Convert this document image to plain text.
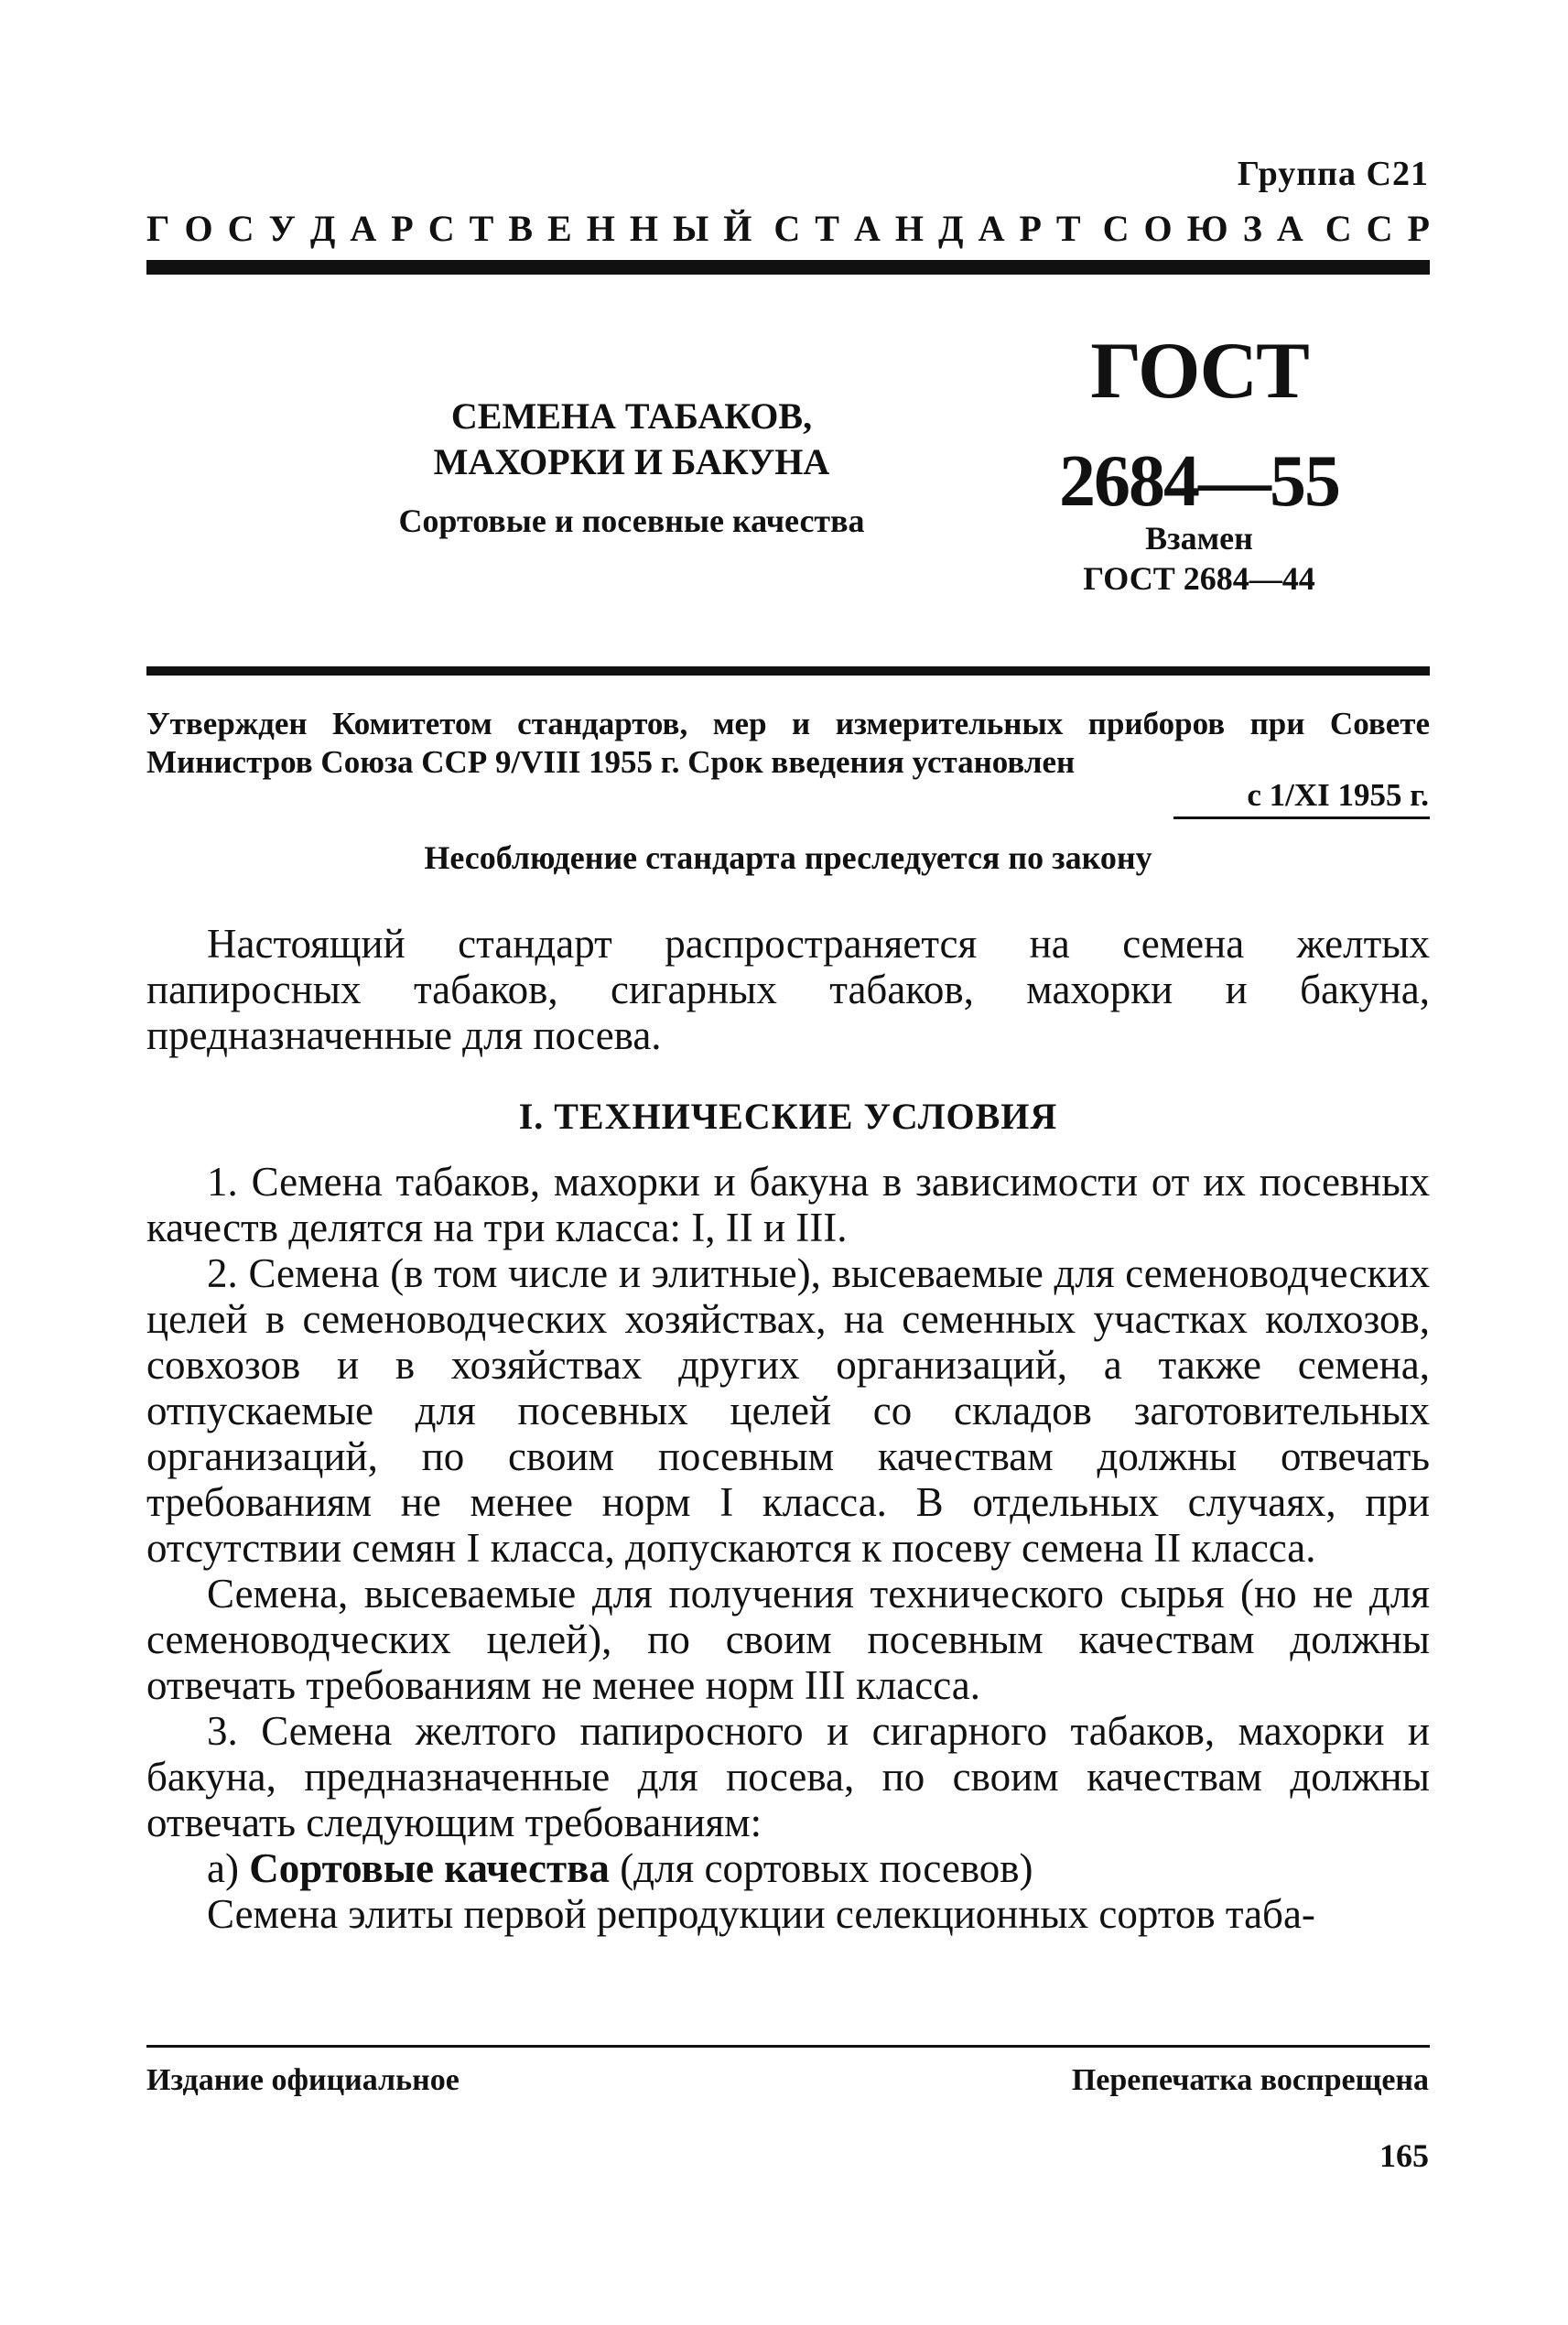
Группа С21
Г  О  С  У  Д  А  Р  С  Т  В  Е  Н  Н  Ы  Й С  Т  А  Н  Д  А  Р  Т С  О  Ю  З  А С  С  Р
СЕМЕНА ТАБАКОВ,
МАХОРКИ И БАКУНА
Сортовые и посевные качества
ГОСТ
2684—55
Взамен
ГОСТ 2684—44
Утвержден Комитетом стандартов, мер и измерительных приборов при Совете Министров Союза ССР 9/VIII 1955 г. Срок введения установлен
с 1/XI 1955 г.
Несоблюдение стандарта преследуется по закону

Настоящий стандарт распространяется на семена желтых папиросных табаков, сигарных табаков, махорки и бакуна, предназначенные для посева.

I. ТЕХНИЧЕСКИЕ УСЛОВИЯ

1. Семена табаков, махорки и бакуна в зависимости от их посевных качеств делятся на три класса: I, II и III.

2. Семена (в том числе и элитные), высеваемые для семеноводческих целей в семеноводческих хозяйствах, на семенных участках колхозов, совхозов и в хозяйствах других организаций, а также семена, отпускаемые для посевных целей со складов заготовительных организаций, по своим посевным качествам должны отвечать требованиям не менее норм I класса. В отдельных случаях, при отсутствии семян I класса, допускаются к посеву семена II класса.

Семена, высеваемые для получения технического сырья (но не для семеноводческих целей), по своим посевным качествам должны отвечать требованиям не менее норм III класса.

3. Семена желтого папиросного и сигарного табаков, махорки и бакуна, предназначенные для посева, по своим качествам должны отвечать следующим требованиям:

а) Сортовые качества (для сортовых посевов)

Семена элиты первой репродукции селекционных сортов таба-

Издание официальное	Перепечатка воспрещена
165
